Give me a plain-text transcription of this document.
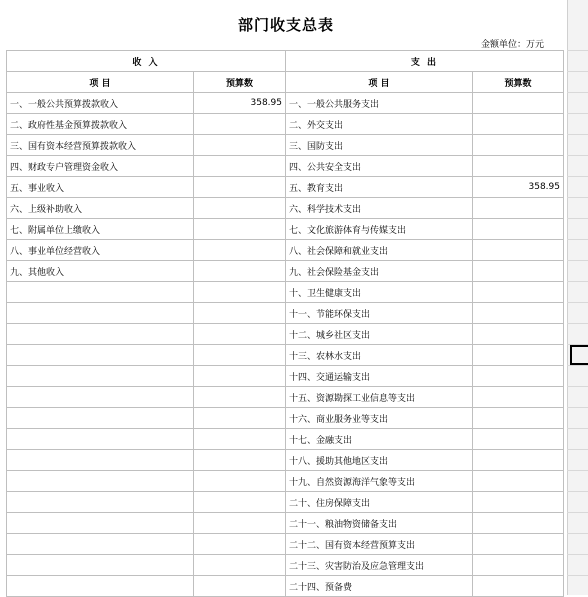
部门收支总表
金额单位：万元
收 入		支 出	
项 目	预算数	项 目	预算数
一、一般公共预算拨款收入	358.95	一、一般公共服务支出	
二、政府性基金预算拨款收入		二、外交支出	
三、国有资本经营预算拨款收入		三、国防支出	
四、财政专户管理资金收入		四、公共安全支出	
五、事业收入		五、教育支出	358.95
六、上级补助收入		六、科学技术支出	
七、附属单位上缴收入		七、文化旅游体育与传媒支出	
八、事业单位经营收入		八、社会保障和就业支出	
九、其他收入		九、社会保险基金支出	
		十、卫生健康支出	
		十一、节能环保支出	
		十二、城乡社区支出	
		十三、农林水支出	
		十四、交通运输支出	
		十五、资源勘探工业信息等支出	
		十六、商业服务业等支出	
		十七、金融支出	
		十八、援助其他地区支出	
		十九、自然资源海洋气象等支出	
		二十、住房保障支出	
		二十一、粮油物资储备支出	
		二十二、国有资本经营预算支出	
		二十三、灾害防治及应急管理支出	
		二十四、预备费	
